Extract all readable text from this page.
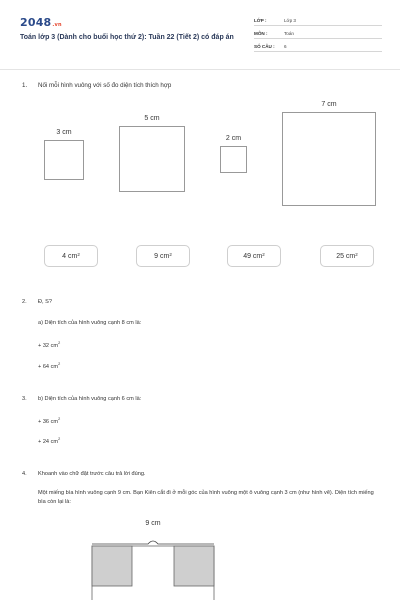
2048.vn
Toán lớp 3 (Dành cho buổi học thứ 2): Tuần 22 (Tiết 2) có đáp án
LỚP :	Lớp 3
MÔN :	Toán
SỐ CÂU : 6
1. Nối mỗi hình vuông với số đo diện tích thích hợp
3 cm
5 cm
2 cm
7 cm
4 $cm^2$	9 $cm^2$	49 $cm^2$	25 $cm^2$
2. Đ, S?
a) Diện tích của hình vuông cạnh 8 cm là:
+ 32 $cm^2$
+ 64 $cm^2$
3. b) Diện tích của hình vuông cạnh 6 cm là:
+ 36 $cm^2$
+ 24 $cm^2$
4. Khoanh vào chữ đặt trước câu trả lời đúng.
Một miếng bìa hình vuông cạnh 9 cm. Bạn Kiên cắt đi ở mỗi góc của hình vuông một ô vuông cạnh 3 cm (như hình vẽ). Diện tích miếng bìa còn lại là:
9 cm
